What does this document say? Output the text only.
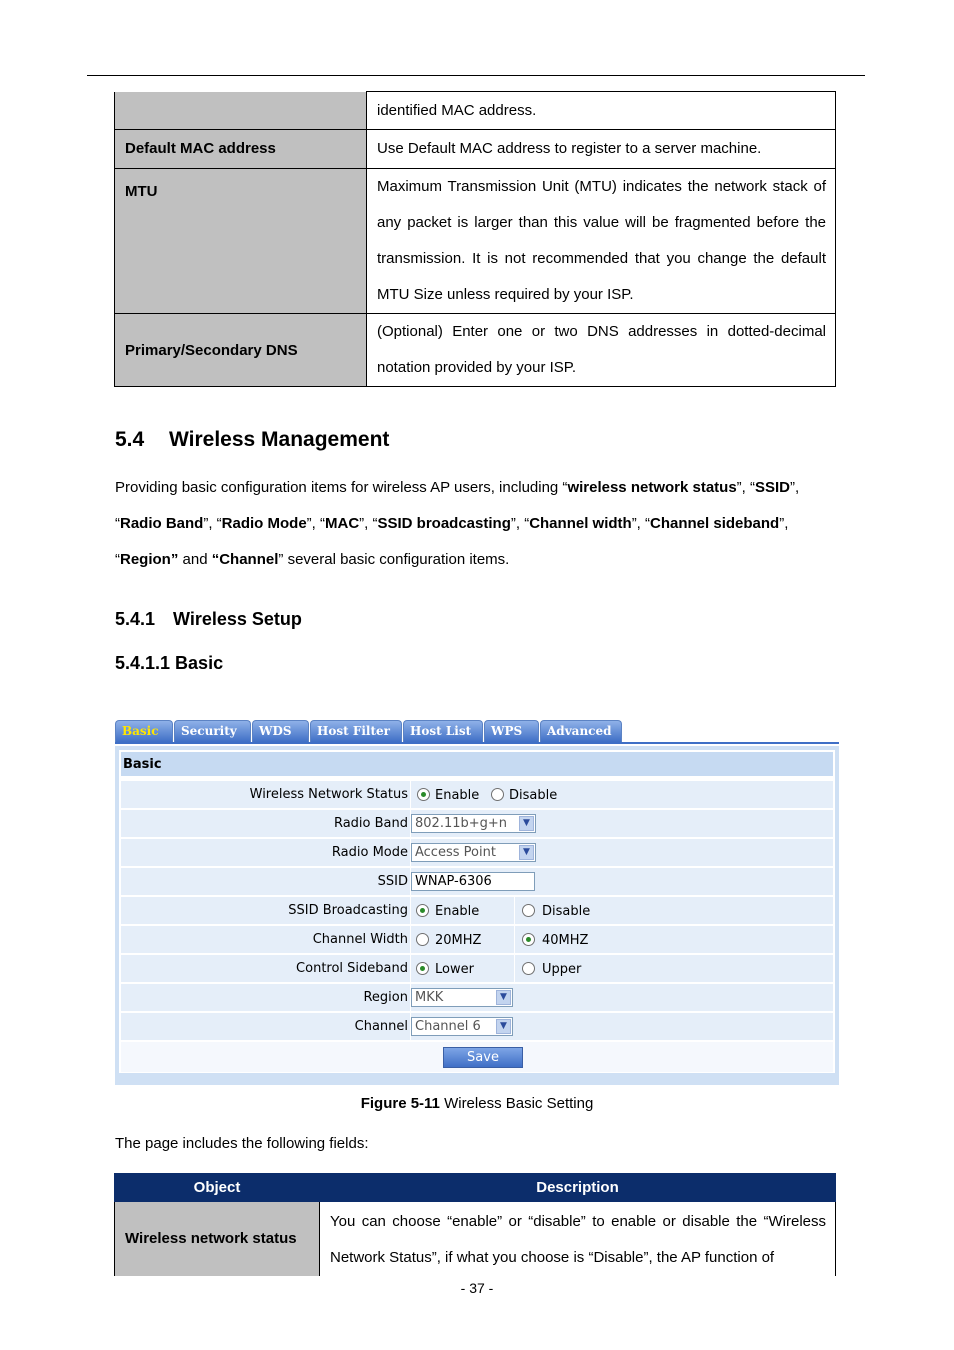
	identified MAC address.
Default MAC address	Use Default MAC address to register to a server machine.
MTU	Maximum Transmission Unit (MTU) indicates the network stack of any packet is larger than this value will be fragmented before the transmission. It is not recommended that you change the default MTU Size unless required by your ISP.
Primary/Secondary DNS	(Optional) Enter one or two DNS addresses in dotted-decimal notation provided by your ISP.
5.4 Wireless Management
Providing basic configuration items for wireless AP users, including “wireless network status”, “SSID”, “Radio Band”, “Radio Mode”, “MAC”, “SSID broadcasting”, “Channel width”, “Channel sideband”, “Region” and “Channel” several basic configuration items.
5.4.1 Wireless Setup
5.4.1.1 Basic
Basic	Security	WDS	Host Filter	Host List	WPS	Advanced
Basic
Wireless Network Status Enable Disable
Radio Band 802.11b+g+n	▼
Radio Mode Access Point	▼
SSID WNAP-6306
SSID Broadcasting Enable	Disable
Channel Width 20MHZ	40MHZ
Control Sideband Lower	Upper
Region MKK	▼
Channel Channel 6	▼
Save
Figure 5-11 Wireless Basic Setting
The page includes the following fields:
Object	Description
Wireless network status	You can choose “enable” or “disable” to enable or disable the “Wireless Network Status”, if what you choose is “Disable”, the AP function of
- 37 -
